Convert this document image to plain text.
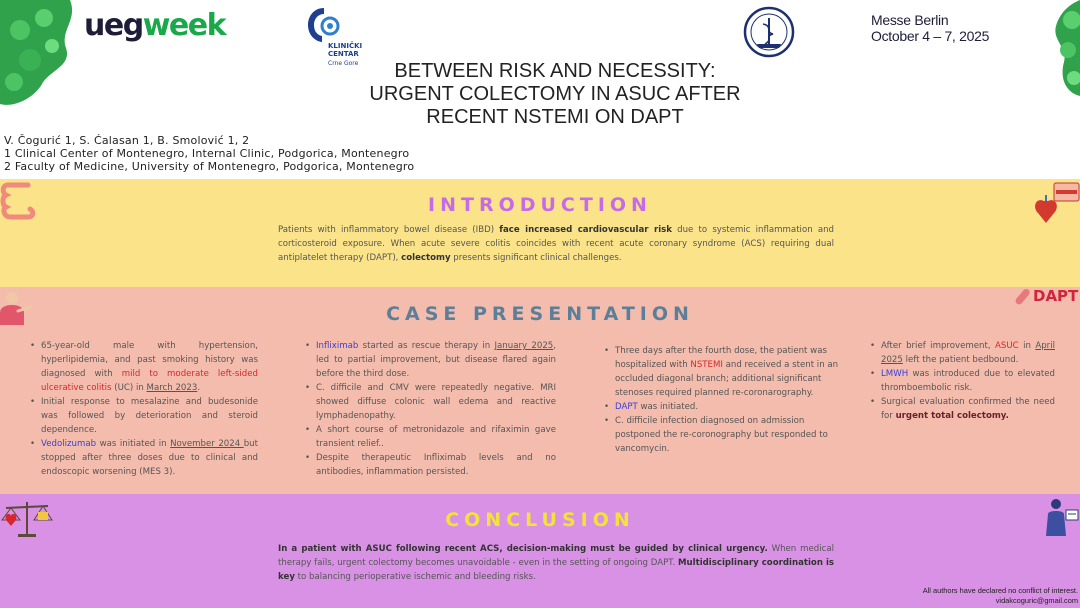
uegweek
KLINIČKI
CENTAR
Crne Gore
Messe Berlin
October 4 – 7, 2025
BETWEEN RISK AND NECESSITY:
URGENT COLECTOMY IN ASUC AFTER
RECENT NSTEMI ON DAPT
V. Čogurić 1, S. Ćalasan 1, B. Smolović 1, 2
1 Clinical Center of Montenegro, Internal Clinic, Podgorica, Montenegro
2 Faculty of Medicine, University of Montenegro, Podgorica, Montenegro
INTRODUCTION
Patients with inflammatory bowel disease (IBD) face increased cardiovascular risk due to systemic inflammation and corticosteroid exposure. When acute severe colitis coincides with recent acute coronary syndrome (ACS) requiring dual antiplatelet therapy (DAPT), colectomy presents significant clinical challenges.
CASE PRESENTATION
• 65-year-old male with hypertension, hyperlipidemia, and past smoking history was diagnosed with mild to moderate left-sided ulcerative colitis (UC) in March 2023.
• Initial response to mesalazine and budesonide was followed by deterioration and steroid dependence.
• Vedolizumab was initiated in November 2024 but stopped after three doses due to clinical and endoscopic worsening (MES 3).
• Infliximab started as rescue therapy in January 2025, led to partial improvement, but disease flared again before the third dose.
• C. difficile and CMV were repeatedly negative. MRI showed diffuse colonic wall edema and reactive lymphadenopathy.
• A short course of metronidazole and rifaximin gave transient relief..
• Despite therapeutic Infliximab levels and no antibodies, inflammation persisted.
• Three days after the fourth dose, the patient was hospitalized with NSTEMI and received a stent in an occluded diagonal branch; additional significant stenoses required planned re-coronarography.
• DAPT was initiated.
• C. difficile infection diagnosed on admission postponed the re-coronography but responded to vancomycin.
• After brief improvement, ASUC in April 2025 left the patient bedbound.
• LMWH was introduced due to elevated thromboembolic risk.
• Surgical evaluation confirmed the need for urgent total colectomy.
CONCLUSION
In a patient with ASUC following recent ACS, decision-making must be guided by clinical urgency. When medical therapy fails, urgent colectomy becomes unavoidable - even in the setting of ongoing DAPT. Multidisciplinary coordination is key to balancing perioperative ischemic and bleeding risks.
DAPT
All authors have declared no conflict of interest.
vidakcoguric@gmail.com
